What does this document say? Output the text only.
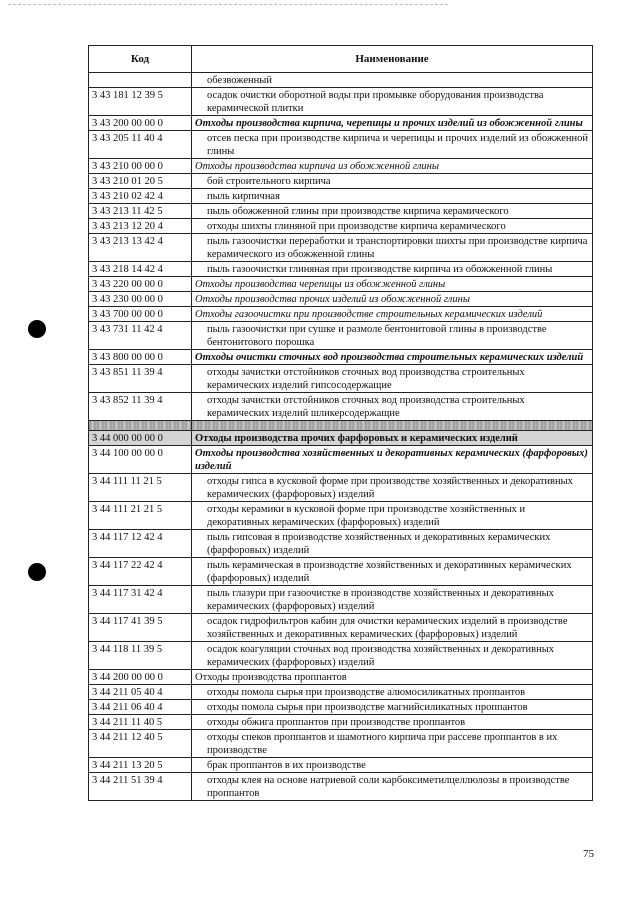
Код	Наименование
	обезвоженный
3 43 181 12 39 5	осадок очистки оборотной воды при промывке оборудования производства керамической плитки
3 43 200 00 00 0	Отходы производства кирпича, черепицы и прочих изделий из обожженной глины
3 43 205 11 40 4	отсев песка при производстве кирпича и черепицы и прочих изделий из обожженной глины
3 43 210 00 00 0	Отходы производства кирпича из обожженной глины
3 43 210 01 20 5	бой строительного кирпича
3 43 210 02 42 4	пыль кирпичная
3 43 213 11 42 5	пыль обожженной глины при производстве кирпича керамического
3 43 213 12 20 4	отходы шихты глиняной при производстве кирпича керамического
3 43 213 13 42 4	пыль газоочистки переработки и транспортировки шихты при производстве кирпича керамического из обожженной глины
3 43 218 14 42 4	пыль газоочистки глиняная при производстве кирпича из обожженной глины
3 43 220 00 00 0	Отходы производства черепицы из обожженной глины
3 43 230 00 00 0	Отходы производства прочих изделий из обожженной глины
3 43 700 00 00 0	Отходы газоочистки при производстве строительных керамических изделий
3 43 731 11 42 4	пыль газоочистки при сушке и размоле бентонитовой глины в производстве бентонитового порошка
3 43 800 00 00 0	Отходы очистки сточных вод производства строительных керамических изделий
3 43 851 11 39 4	отходы зачистки отстойников сточных вод производства строительных керамических изделий гипсосодержащие
3 43 852 11 39 4	отходы зачистки отстойников сточных вод производства строительных керамических изделий шликерсодержащие

3 44 000 00 00 0	Отходы производства прочих фарфоровых и керамических изделий
3 44 100 00 00 0	Отходы производства хозяйственных и декоративных керамических (фарфоровых) изделий
3 44 111 11 21 5	отходы гипса в кусковой форме при производстве хозяйственных и декоративных керамических (фарфоровых) изделий
3 44 111 21 21 5	отходы керамики в кусковой форме при производстве хозяйственных и декоративных керамических (фарфоровых) изделий
3 44 117 12 42 4	пыль гипсовая в производстве хозяйственных и декоративных керамических (фарфоровых) изделий
3 44 117 22 42 4	пыль керамическая в производстве хозяйственных и декоративных керамических (фарфоровых) изделий
3 44 117 31 42 4	пыль глазури при газоочистке в производстве хозяйственных и декоративных керамических (фарфоровых) изделий
3 44 117 41 39 5	осадок гидрофильтров кабин для очистки керамических изделий в производстве хозяйственных и декоративных керамических (фарфоровых) изделий
3 44 118 11 39 5	осадок коагуляции сточных вод производства хозяйственных и декоративных керамических (фарфоровых) изделий
3 44 200 00 00 0	Отходы производства проппантов
3 44 211 05 40 4	отходы помола сырья при производстве алюмосиликатных проппантов
3 44 211 06 40 4	отходы помола сырья при производстве магнийсиликатных проппантов
3 44 211 11 40 5	отходы обжига проппантов при производстве проппантов
3 44 211 12 40 5	отходы спеков проппантов и шамотного кирпича при рассеве проппантов в их производстве
3 44 211 13 20 5	брак проппантов в их производстве
3 44 211 51 39 4	отходы клея на основе натриевой соли карбоксиметилцеллюлозы в производстве проппантов
75
